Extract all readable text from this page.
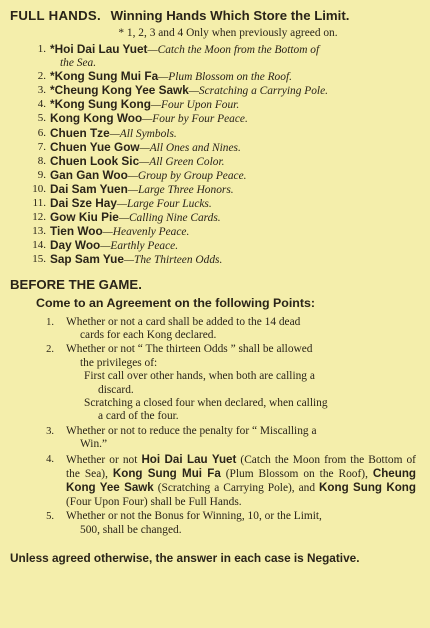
FULL HANDS. Winning Hands Which Store the Limit.
* 1, 2, 3 and 4 Only when previously agreed on.
1. *Hoi Dai Lau Yuet—Catch the Moon from the Bottom of
the Sea.
2. *Kong Sung Mui Fa—Plum Blossom on the Roof.
3. *Cheung Kong Yee Sawk—Scratching a Carrying Pole.
4. *Kong Sung Kong—Four Upon Four.
5. Kong Kong Woo—Four by Four Peace.
6. Chuen Tze—All Symbols.
7. Chuen Yue Gow—All Ones and Nines.
8. Chuen Look Sic—All Green Color.
9. Gan Gan Woo—Group by Group Peace.
10. Dai Sam Yuen—Large Three Honors.
11. Dai Sze Hay—Large Four Lucks.
12. Gow Kiu Pie—Calling Nine Cards.
13. Tien Woo—Heavenly Peace.
14. Day Woo—Earthly Peace.
15. Sap Sam Yue—The Thirteen Odds.
BEFORE THE GAME.
Come to an Agreement on the following Points:
1. Whether or not a card shall be added to the 14 dead
cards for each Kong declared.
2. Whether or not “ The thirteen Odds ” shall be allowed
the privileges of:
First call over other hands, when both are calling a
discard.
Scratching a closed four when declared, when calling
a card of the four.
3. Whether or not to reduce the penalty for “ Miscalling a
Win.”
4. Whether or not Hoi Dai Lau Yuet (Catch the Moon from the Bottom of the Sea), Kong Sung Mui Fa (Plum Blossom on the Roof), Cheung Kong Yee Sawk (Scratching a Carrying Pole), and Kong Sung Kong (Four Upon Four) shall be Full Hands.
5. Whether or not the Bonus for Winning, 10, or the Limit,
500, shall be changed.
Unless agreed otherwise, the answer in each case is Negative.
